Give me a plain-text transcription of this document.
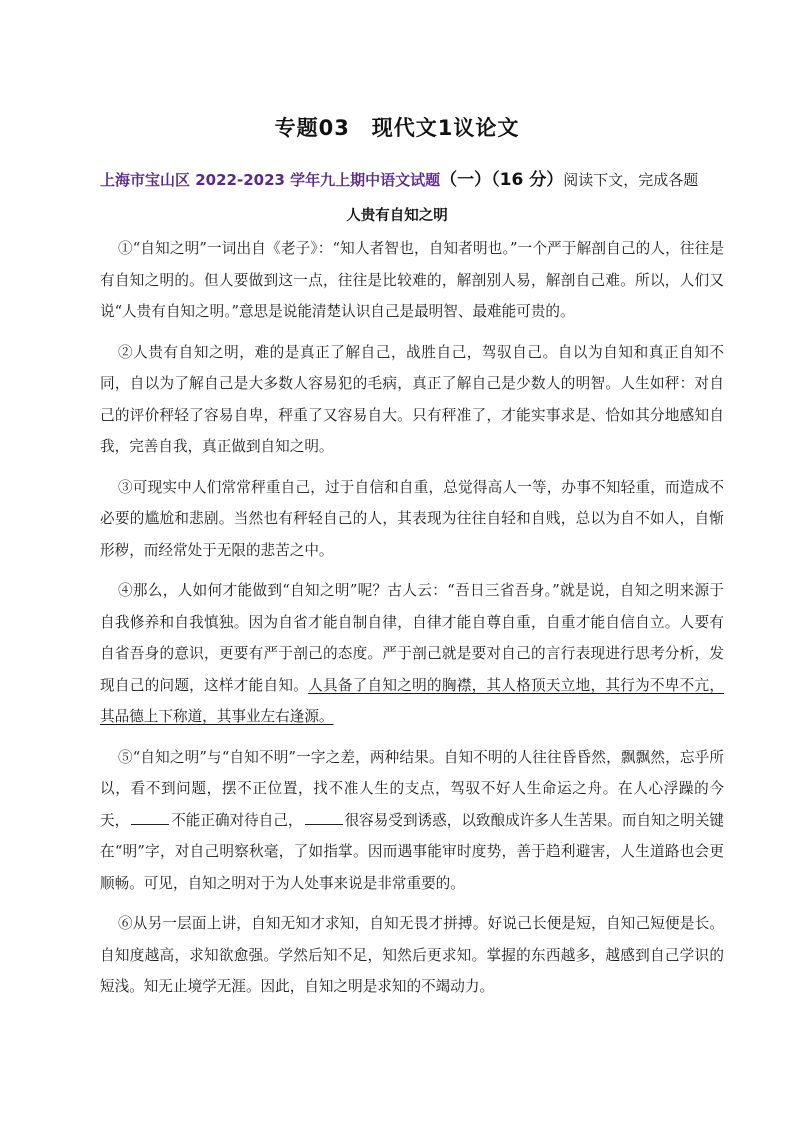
专题03　现代文1议论文
上海市宝山区 2022-2023 学年九上期中语文试题（一）（16 分）阅读下文，完成各题
人贵有自知之明

①“自知之明”一词出自《老子》：“知人者智也，自知者明也。”一个严于解剖自己的人，往往是有自知之明的。但人要做到这一点，往往是比较难的，解剖别人易，解剖自己难。所以，人们又说“人贵有自知之明。”意思是说能清楚认识自己是最明智、最难能可贵的。

②人贵有自知之明，难的是真正了解自己，战胜自己，驾驭自己。自以为自知和真正自知不同，自以为了解自己是大多数人容易犯的毛病，真正了解自己是少数人的明智。人生如秤：对自己的评价秤轻了容易自卑，秤重了又容易自大。只有秤准了，才能实事求是、恰如其分地感知自我，完善自我，真正做到自知之明。

③可现实中人们常常秤重自己，过于自信和自重，总觉得高人一等，办事不知轻重，而造成不必要的尴尬和悲剧。当然也有秤轻自己的人，其表现为往往自轻和自贱，总以为自不如人，自惭形秽，而经常处于无限的悲苦之中。

④那么，人如何才能做到“自知之明”呢？古人云：“吾日三省吾身。”就是说，自知之明来源于自我修养和自我慎独。因为自省才能自制自律，自律才能自尊自重，自重才能自信自立。人要有自省吾身的意识，更要有严于剖己的态度。严于剖己就是要对自己的言行表现进行思考分析，发现自己的问题，这样才能自知。人具备了自知之明的胸襟，其人格顶天立地，其行为不卑不亢，其品德上下称道，其事业左右逢源。

⑤“自知之明”与“自知不明”一字之差，两种结果。自知不明的人往往昏昏然，飘飘然，忘乎所以，看不到问题，摆不正位置，找不准人生的支点，驾驭不好人生命运之舟。在人心浮躁的今天，	不能正确对待自己，	很容易受到诱惑，以致酿成许多人生苦果。而自知之明关键在“明”字，对自己明察秋毫，了如指掌。因而遇事能审时度势，善于趋利避害，人生道路也会更顺畅。可见，自知之明对于为人处事来说是非常重要的。

⑥从另一层面上讲，自知无知才求知，自知无畏才拼搏。好说己长便是短，自知己短便是长。自知度越高，求知欲愈强。学然后知不足，知然后更求知。掌握的东西越多，越感到自己学识的短浅。知无止境学无涯。因此，自知之明是求知的不竭动力。
